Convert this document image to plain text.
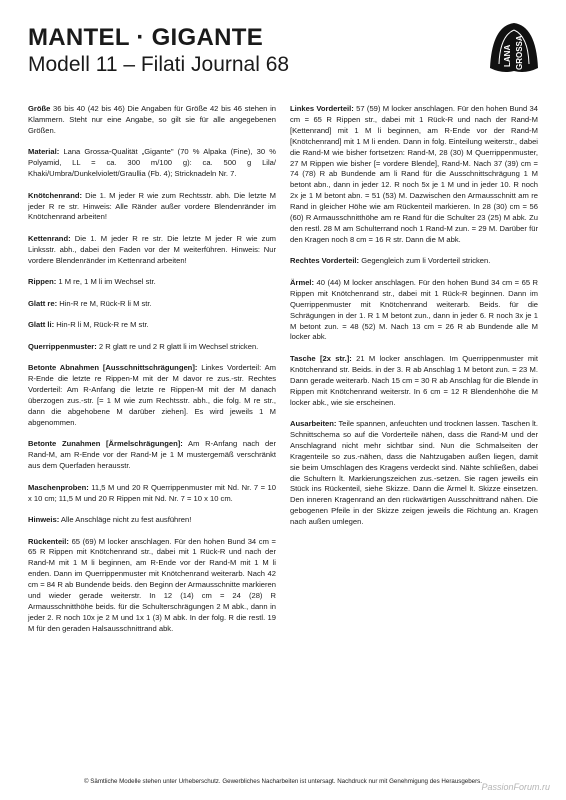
MANTEL · GIGANTE
Modell 11 – Filati Journal 68	LANA GROSSA
Größe 36 bis 40 (42 bis 46) Die Angaben für Größe 42 bis 46 stehen in Klammern. Steht nur eine Angabe, so gilt sie für alle angegebenen Größen.
Material: Lana Grossa-Qualität „Gigante" (70 % Alpaka (Fine), 30 % Polyamid, LL = ca. 300 m/100 g): ca. 500 g Lila/ Khaki/Umbra/Dunkelviolett/Graullia (Fb. 4); Stricknadeln Nr. 7.
Knötchenrand: Die 1. M jeder R wie zum Rechtsstr. abh. Die letzte M jeder R re str. Hinweis: Alle Ränder außer vordere Blendenränder im Knötchenrand arbeiten!
Kettenrand: Die 1. M jeder R re str. Die letzte M jeder R wie zum Linksstr. abh., dabei den Faden vor der M weiterführen. Hinweis: Nur vordere Blendenränder im Kettenrand arbeiten!
Rippen: 1 M re, 1 M li im Wechsel str.
Glatt re: Hin-R re M, Rück-R li M str.
Glatt li: Hin-R li M, Rück-R re M str.
Querrippenmuster: 2 R glatt re und 2 R glatt li im Wechsel stricken.
Betonte Abnahmen [Ausschnittschrägungen]: Linkes Vorderteil: Am R-Ende die letzte re Rippen-M mit der M davor re zus.-str. Rechtes Vorderteil: Am R-Anfang die letzte re Rippen-M mit der M danach überzogen zus.-str. [= 1 M wie zum Rechtsstr. abh., die folg. M re str., dann die abgehobene M darüber ziehen]. Es wird jeweils 1 M abgenommen.
Betonte Zunahmen [Ärmelschrägungen]: Am R-Anfang nach der Rand-M, am R-Ende vor der Rand-M je 1 M mustergemäß verschränkt aus dem Querfaden herausstr.
Maschenproben: 11,5 M und 20 R Querrippenmuster mit Nd. Nr. 7 = 10 x 10 cm; 11,5 M und 20 R Rippen mit Nd. Nr. 7 = 10 x 10 cm.
Hinweis: Alle Anschläge nicht zu fest ausführen!
Rückenteil: 65 (69) M locker anschlagen. Für den hohen Bund 34 cm = 65 R Rippen mit Knötchenrand str., dabei mit 1 Rück-R und nach der Rand-M mit 1 M li beginnen, am R-Ende vor der Rand-M mit 1 M li enden. Dann im Querrippenmuster mit Knötchenrand weiterarb. Nach 42 cm = 84 R ab Bundende beids. den Beginn der Armausschnitte markieren und wieder gerade weiterstr. In 12 (14) cm = 24 (28) R Armausschnitthöhe beids. für die Schulterschrägungen 2 M abk., dann in jeder 2. R noch 10x je 2 M und 1x 1 (3) M abk. In der folg. R die restl. 19 M für den geraden Halsausschnittrand abk.
Linkes Vorderteil: 57 (59) M locker anschlagen. Für den hohen Bund 34 cm = 65 R Rippen str., dabei mit 1 Rück-R und nach der Rand-M [Kettenrand] mit 1 M li beginnen, am R-Ende vor der Rand-M [Knötchenrand] mit 1 M li enden. Dann in folg. Einteilung weiterstr., dabei die Rand-M wie bisher fortsetzen: Rand-M, 28 (30) M Querrippenmuster, 27 M Rippen wie bisher [= vordere Blende], Rand-M. Nach 37 (39) cm = 74 (78) R ab Bundende am li Rand für die Ausschnittschrägung 1 M betont abn., dann in jeder 12. R noch 5x je 1 M und in jeder 10. R noch 2x je 1 M betont abn. = 51 (53) M. Dazwischen den Armausschnitt am re Rand in gleicher Höhe wie am Rückenteil markieren. In 28 (30) cm = 56 (60) R Armausschnitthöhe am re Rand für die Schulter 23 (25) M abk. Zu den restl. 28 M am Schulterrand noch 1 Rand-M zun. = 29 M. Darüber für den Kragen noch 8 cm = 16 R str. Dann die M abk.
Rechtes Vorderteil: Gegengleich zum li Vorderteil stricken.
Ärmel: 40 (44) M locker anschlagen. Für den hohen Bund 34 cm = 65 R Rippen mit Knötchenrand str., dabei mit 1 Rück-R beginnen. Dann im Querrippenmuster mit Knötchenrand weiterarb. Beids. für die Schrägungen in der 1. R 1 M betont zun., dann in jeder 6. R noch 3x je 1 M betont zun. = 48 (52) M. Nach 13 cm = 26 R ab Bundende alle M locker abk.
Tasche [2x str.]: 21 M locker anschlagen. Im Querrippenmuster mit Knötchenrand str. Beids. in der 3. R ab Anschlag 1 M betont zun. = 23 M. Dann gerade weiterarb. Nach 15 cm = 30 R ab Anschlag für die Blende in Rippen mit Knötchenrand weiterstr. In 6 cm = 12 R Blendenhöhe die M locker abk., wie sie erscheinen.
Ausarbeiten: Teile spannen, anfeuchten und trocknen lassen. Taschen lt. Schnittschema so auf die Vorderteile nähen, dass die Rand-M und der Anschlagrand nicht mehr sichtbar sind. Nun die Schmalseiten der Kragenteile so zus.-nähen, dass die Nahtzugaben außen liegen, damit sie beim Umschlagen des Kragens verdeckt sind. Nähte schließen, dabei die Schultern lt. Markierungszeichen zus.-setzen. Sie ragen jeweils ein Stück ins Rückenteil, siehe Skizze. Dann die Ärmel lt. Skizze einsetzen. Den inneren Kragenrand an den rückwärtigen Ausschnittrand nähen. Die gebogenen Pfeile in der Skizze zeigen jeweils die Richtung an. Kragen nach außen umlegen.
© Sämtliche Modelle stehen unter Urheberschutz. Gewerbliches Nacharbeiten ist untersagt. Nachdruck nur mit Genehmigung des Herausgebers.
PassionForum.ru
